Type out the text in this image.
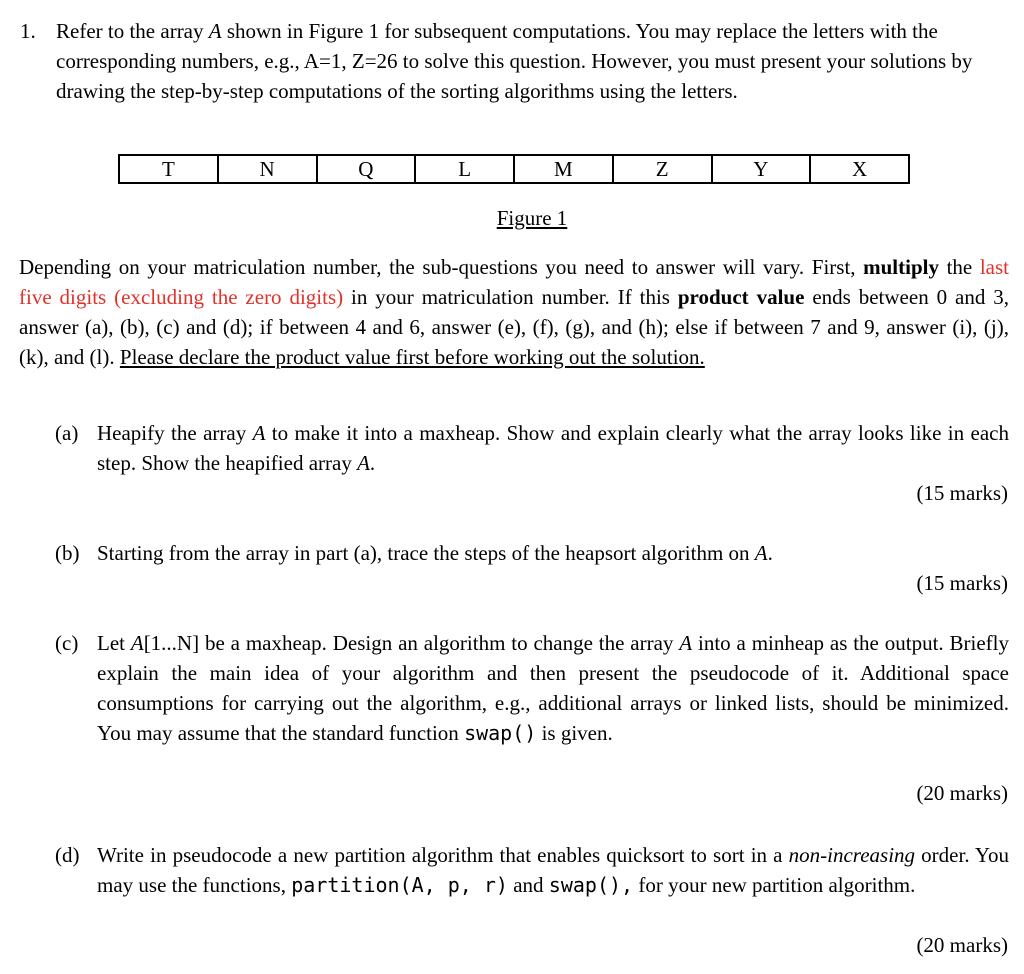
1. Refer to the array A shown in Figure 1 for subsequent computations. You may replace the letters with the corresponding numbers, e.g., A=1, Z=26 to solve this question. However, you must present your solutions by drawing the step-by-step computations of the sorting algorithms using the letters.
T	N	Q	L	M	Z	Y	X
Figure 1
Depending on your matriculation number, the sub-questions you need to answer will vary. First, multiply the last five digits (excluding the zero digits) in your matriculation number. If this product value ends between 0 and 3, answer (a), (b), (c) and (d); if between 4 and 6, answer (e), (f), (g), and (h); else if between 7 and 9, answer (i), (j), (k), and (l). Please declare the product value first before working out the solution.
(a) Heapify the array A to make it into a maxheap. Show and explain clearly what the array looks like in each step. Show the heapified array A.
(15 marks)
(b) Starting from the array in part (a), trace the steps of the heapsort algorithm on A.
(15 marks)
(c) Let A[1...N] be a maxheap. Design an algorithm to change the array A into a minheap as the output. Briefly explain the main idea of your algorithm and then present the pseudocode of it. Additional space consumptions for carrying out the algorithm, e.g., additional arrays or linked lists, should be minimized. You may assume that the standard function swap() is given.
(20 marks)
(d) Write in pseudocode a new partition algorithm that enables quicksort to sort in a non-increasing order. You may use the functions, partition(A, p, r) and swap(), for your new partition algorithm.
(20 marks)
